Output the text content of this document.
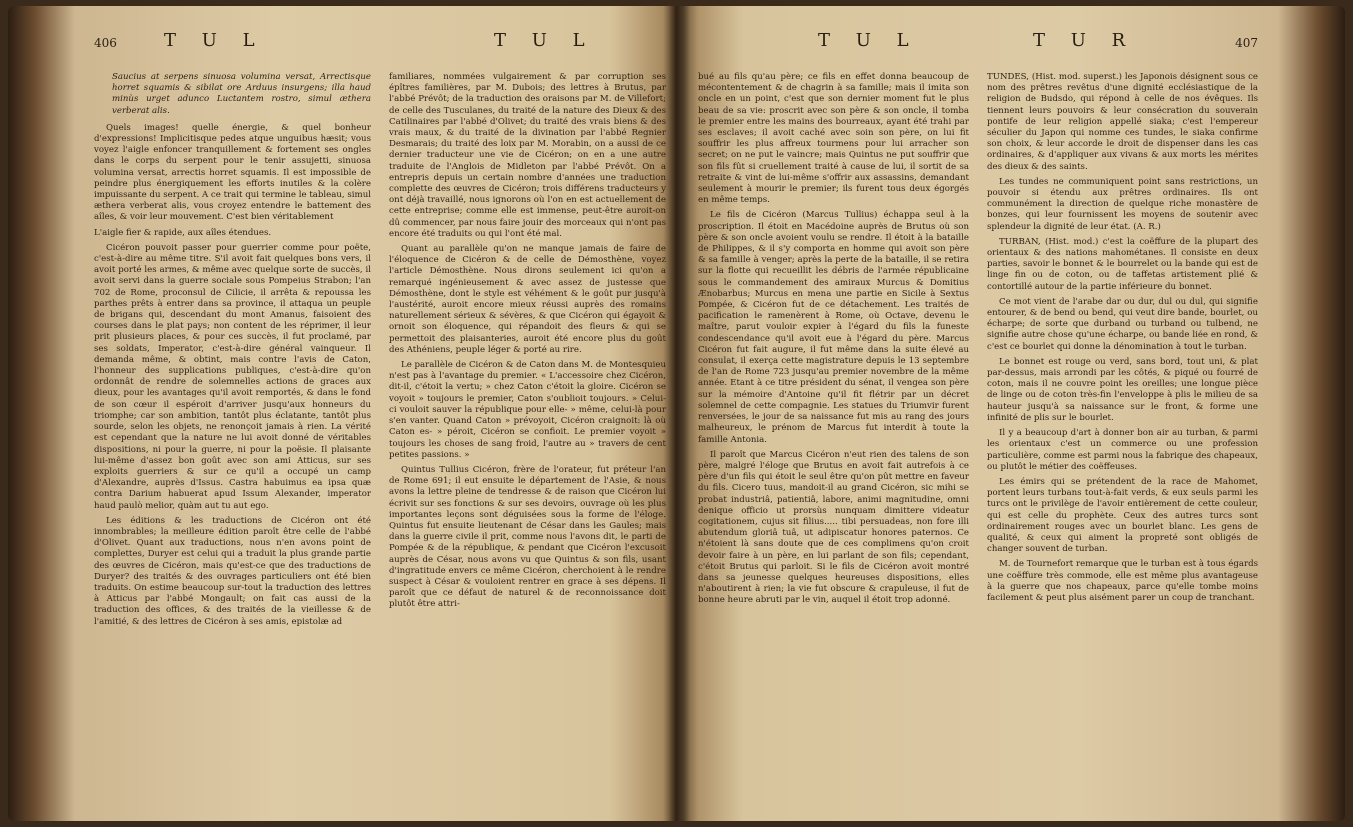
406	T U L	T U L

Saucius at serpens sinuosa volumina versat, Arrectisque horret squamis & sibilat ore Arduus insurgens; illa haud minùs urget adunco Luctantem rostro, simul æthera verberat alis.

Quels images! quelle énergie, & quel bonheur d'expressions! Implicitisque pedes atque unguibus hæsit; vous voyez l'aigle enfoncer tranquillement & fortement ses ongles dans le corps du serpent pour le tenir assujetti, sinuosa volumina versat, arrectis horret squamis. Il est impossible de peindre plus énergiquement les efforts inutiles & la colère impuissante du serpent. A ce trait qui termine le tableau, simul æthera verberat alis, vous croyez entendre le battement des aîles, & voir leur mouvement. C'est bien véritablement

L'aigle fier & rapide, aux aîles étendues.

Cicéron pouvoit passer pour guerrier comme pour poëte, c'est-à-dire au même titre. S'il avoit fait quelques bons vers, il avoit porté les armes, & même avec quelque sorte de succès, il avoit servi dans la guerre sociale sous Pompeius Strabon; l'an 702 de Rome, proconsul de Cilicie, il arrêta & repoussa les parthes prêts à entrer dans sa province, il attaqua un peuple de brigans qui, descendant du mont Amanus, faisoient des courses dans le plat pays; non content de les réprimer, il leur prit plusieurs places, & pour ces succès, il fut proclamé, par ses soldats, Imperator, c'est-à-dire général vainqueur. Il demanda même, & obtint, mais contre l'avis de Caton, l'honneur des supplications publiques, c'est-à-dire qu'on ordonnât de rendre de solemnelles actions de graces aux dieux, pour les avantages qu'il avoit remportés, & dans le fond de son cœur il espéroit d'arriver jusqu'aux honneurs du triomphe; car son ambition, tantôt plus éclatante, tantôt plus sourde, selon les objets, ne renonçoit jamais à rien. La vérité est cependant que la nature ne lui avoit donné de véritables dispositions, ni pour la guerre, ni pour la poësie. Il plaisante lui-même d'assez bon goût avec son ami Atticus, sur ses exploits guerriers & sur ce qu'il a occupé un camp d'Alexandre, auprès d'Issus. Castra habuimus ea ipsa quæ contra Darium habuerat apud Issum Alexander, imperator haud paulò melior, quàm aut tu aut ego.

Les éditions & les traductions de Cicéron ont été innombrables; la meilleure édition paroît être celle de l'abbé d'Olivet. Quant aux traductions, nous n'en avons point de complettes, Duryer est celui qui a traduit la plus grande partie des œuvres de Cicéron, mais qu'est-ce que des traductions de Duryer? des traités & des ouvrages particuliers ont été bien traduits. On estime beaucoup sur-tout la traduction des lettres à Atticus par l'abbé Mongault; on fait cas aussi de la traduction des offices, & des traités de la vieillesse & de l'amitié, & des lettres de Cicéron à ses amis, epistolæ ad

familiares, nommées vulgairement & par corruption ses épîtres familières, par M. Dubois; des lettres à Brutus, par l'abbé Prévôt; de la traduction des oraisons par M. de Villefort; de celle des Tusculanes, du traité de la nature des Dieux & des Catilinaires par l'abbé d'Olivet; du traité des vrais biens & des vrais maux, & du traité de la divination par l'abbé Regnier Desmarais; du traité des loix par M. Morabin, on a aussi de ce dernier traducteur une vie de Cicéron; on en a une autre traduite de l'Anglois de Midleton par l'abbé Prévôt. On a entrepris depuis un certain nombre d'années une traduction complette des œuvres de Cicéron; trois différens traducteurs y ont déjà travaillé, nous ignorons où l'on en est actuellement de cette entreprise; comme elle est immense, peut-être auroit-on dû commencer, par nous faire jouir des morceaux qui n'ont pas encore été traduits ou qui l'ont été mal.

Quant au parallèle qu'on ne manque jamais de faire de l'éloquence de Cicéron & de celle de Démosthène, voyez l'article Démosthène. Nous dirons seulement ici qu'on a remarqué ingénieusement & avec assez de justesse que Démosthène, dont le style est véhément & le goût pur jusqu'à l'austérité, auroit encore mieux réussi auprès des romains naturellement sérieux & sévères, & que Cicéron qui égayoit & ornoit son éloquence, qui répandoit des fleurs & qui se permettoit des plaisanteries, auroit été encore plus du goût des Athéniens, peuple léger & porté au rire.

Le parallèle de Cicéron & de Caton dans M. de Montesquieu n'est pas à l'avantage du premier. « L'accessoire chez Cicéron, dit-il, c'étoit la vertu; » chez Caton c'étoit la gloire. Cicéron se voyoit » toujours le premier, Caton s'oublioit toujours. » Celui-ci vouloit sauver la république pour elle- » même, celui-là pour s'en vanter. Quand Caton » prévoyoit, Cicéron craignoit: là où Caton es- » péroit, Cicéron se confioit. Le premier voyoit » toujours les choses de sang froid, l'autre au » travers de cent petites passions. »

Quintus Tullius Cicéron, frère de l'orateur, fut préteur l'an de Rome 691; il eut ensuite le département de l'Asie, & nous avons la lettre pleine de tendresse & de raison que Cicéron lui écrivit sur ses fonctions & sur ses devoirs, ouvrage où les plus importantes leçons sont déguisées sous la forme de l'éloge. Quintus fut ensuite lieutenant de César dans les Gaules; mais dans la guerre civile il prit, comme nous l'avons dit, le parti de Pompée & de la république, & pendant que Cicéron l'excusoit auprès de César, nous avons vu que Quintus & son fils, usant d'ingratitude envers ce même Cicéron, cherchoient à le rendre suspect à César & vouloient rentrer en grace à ses dépens. Il paroît que ce défaut de naturel & de reconnoissance doit plutôt être attri-

T U L	T U R	407

bué au fils qu'au père; ce fils en effet donna beaucoup de mécontentement & de chagrin à sa famille; mais il imita son oncle en un point, c'est que son dernier moment fut le plus beau de sa vie: proscrit avec son père & son oncle, il tomba le premier entre les mains des bourreaux, ayant été trahi par ses esclaves; il avoit caché avec soin son père, on lui fit souffrir les plus affreux tourmens pour lui arracher son secret; on ne put le vaincre; mais Quintus ne put souffrir que son fils fût si cruellement traité à cause de lui, il sortit de sa retraite & vint de lui-même s'offrir aux assassins, demandant seulement à mourir le premier; ils furent tous deux égorgés en même temps.

Le fils de Cicéron (Marcus Tullius) échappa seul à la proscription. Il étoit en Macédoine auprès de Brutus où son père & son oncle avoient voulu se rendre. Il étoit à la bataille de Philippes, & il s'y comporta en homme qui avoit son père & sa famille à venger; après la perte de la bataille, il se retira sur la flotte qui recueillit les débris de l'armée républicaine sous le commandement des amiraux Murcus & Domitius Ænobarbus; Murcus en mena une partie en Sicile à Sextus Pompée, & Cicéron fut de ce détachement. Les traités de pacification le ramenèrent à Rome, où Octave, devenu le maître, parut vouloir expier à l'égard du fils la funeste condescendance qu'il avoit eue à l'égard du père. Marcus Cicéron fut fait augure, il fut même dans la suite élevé au consulat, il exerça cette magistrature depuis le 13 septembre de l'an de Rome 723 jusqu'au premier novembre de la même année. Etant à ce titre président du sénat, il vengea son père sur la mémoire d'Antoine qu'il fit flétrir par un décret solemnel de cette compagnie. Les statues du Triumvir furent renversées, le jour de sa naissance fut mis au rang des jours malheureux, le prénom de Marcus fut interdit à toute la famille Antonia.

Il paroît que Marcus Cicéron n'eut rien des talens de son père, malgré l'éloge que Brutus en avoit fait autrefois à ce père d'un fils qui étoit le seul être qu'on pût mettre en faveur du fils. Cicero tuus, mandoit-il au grand Cicéron, sic mihi se probat industriâ, patientiâ, labore, animi magnitudine, omni denique officio ut prorsùs nunquam dimittere videatur cogitationem, cujus sit filius..... tibi persuadeas, non fore illi abutendum gloriâ tuâ, ut adipiscatur honores paternos. Ce n'étoient là sans doute que de ces complimens qu'on croit devoir faire à un père, en lui parlant de son fils; cependant, c'étoit Brutus qui parloit. Si le fils de Cicéron avoit montré dans sa jeunesse quelques heureuses dispositions, elles n'aboutirent à rien; la vie fut obscure & crapuleuse, il fut de bonne heure abruti par le vin, auquel il étoit trop adonné.

TUNDES, (Hist. mod. superst.) les Japonois désignent sous ce nom des prêtres revêtus d'une dignité ecclésiastique de la religion de Budsdo, qui répond à celle de nos évêques. Ils tiennent leurs pouvoirs & leur consécration du souverain pontife de leur religion appellé siaka; c'est l'empereur séculier du Japon qui nomme ces tundes, le siaka confirme son choix, & leur accorde le droit de dispenser dans les cas ordinaires, & d'appliquer aux vivans & aux morts les mérites des dieux & des saints.

Les tundes ne communiquent point sans restrictions, un pouvoir si étendu aux prêtres ordinaires. Ils ont communément la direction de quelque riche monastère de bonzes, qui leur fournissent les moyens de soutenir avec splendeur la dignité de leur état. (A. R.)

TURBAN, (Hist. mod.) c'est la coëffure de la plupart des orientaux & des nations mahométanes. Il consiste en deux parties, savoir le bonnet & le bourrelet ou la bande qui est de linge fin ou de coton, ou de taffetas artistement plié & contortillé autour de la partie inférieure du bonnet.

Ce mot vient de l'arabe dar ou dur, dul ou dul, qui signifie entourer, & de bend ou bend, qui veut dire bande, bourlet, ou écharpe; de sorte que durband ou turband ou tulbend, ne signifie autre chose qu'une écharpe, ou bande liée en rond, & c'est ce bourlet qui donne la dénomination à tout le turban.

Le bonnet est rouge ou verd, sans bord, tout uni, & plat par-dessus, mais arrondi par les côtés, & piqué ou fourré de coton, mais il ne couvre point les oreilles; une longue pièce de linge ou de coton très-fin l'enveloppe à plis le milieu de sa hauteur jusqu'à sa naissance sur le front, & forme une infinité de plis sur le bourlet.

Il y a beaucoup d'art à donner bon air au turban, & parmi les orientaux c'est un commerce ou une profession particulière, comme est parmi nous la fabrique des chapeaux, ou plutôt le métier des coëffeuses.

Les émirs qui se prétendent de la race de Mahomet, portent leurs turbans tout-à-fait verds, & eux seuls parmi les turcs ont le privilège de l'avoir entièrement de cette couleur, qui est celle du prophète. Ceux des autres turcs sont ordinairement rouges avec un bourlet blanc. Les gens de qualité, & ceux qui aiment la propreté sont obligés de changer souvent de turban.

M. de Tournefort remarque que le turban est à tous égards une coëffure très commode, elle est même plus avantageuse à la guerre que nos chapeaux, parce qu'elle tombe moins facilement & peut plus aisément parer un coup de tranchant.
